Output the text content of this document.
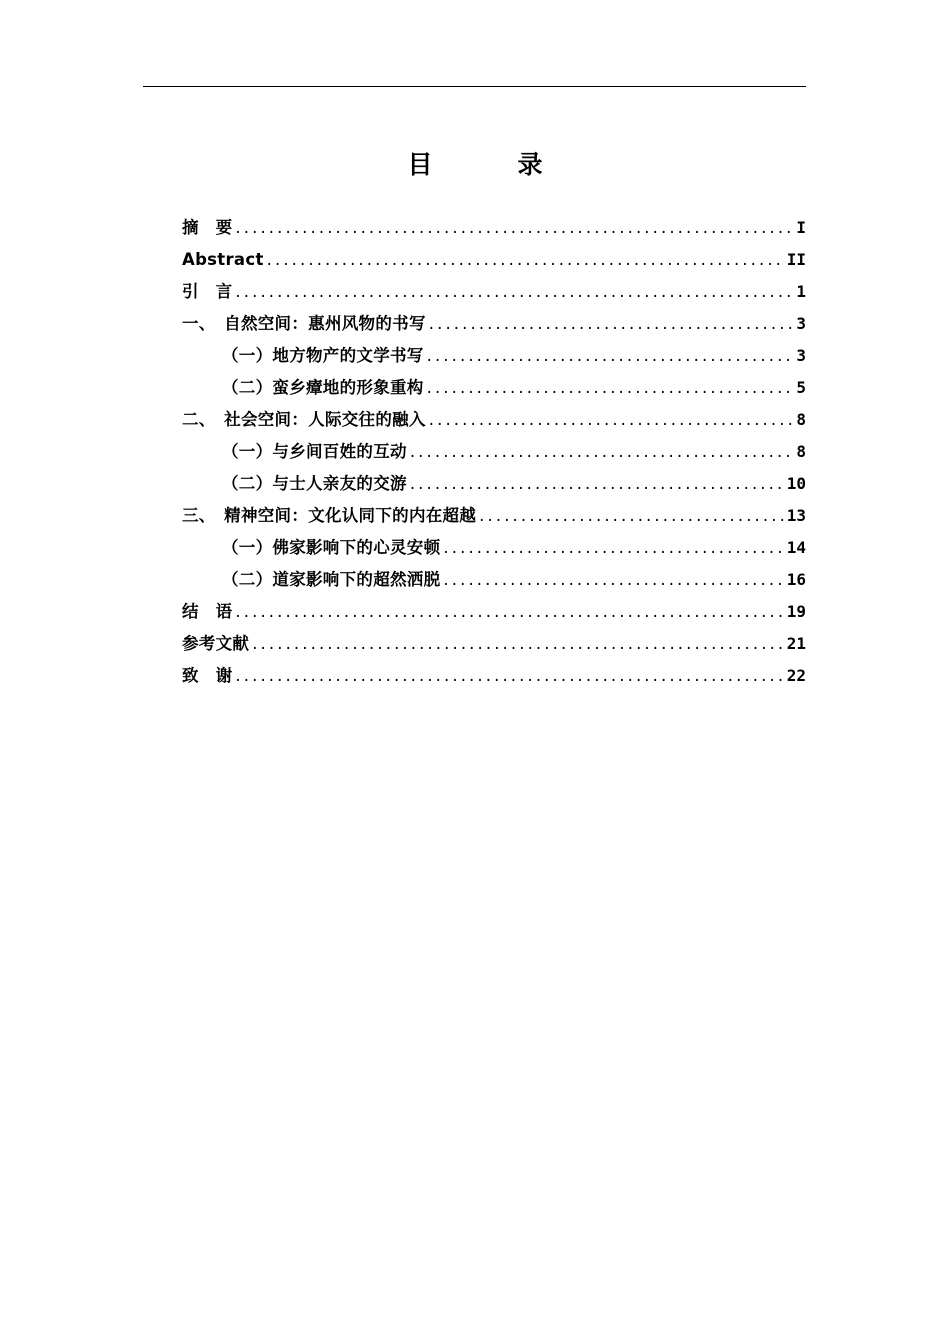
目　录
摘　要 .....	I
Abstract .....	II
引　言 .....	1
一、　自然空间：惠州风物的书写 .....	3
（一）地方物产的文学书写 .....	3
（二）蛮乡瘴地的形象重构 .....	5
二、　社会空间：人际交往的融入 .....	8
（一）与乡间百姓的互动 .....	8
（二）与士人亲友的交游 .....	10
三、　精神空间：文化认同下的内在超越 .....	13
（一）佛家影响下的心灵安顿 .....	14
（二）道家影响下的超然洒脱 .....	16
结　语 .....	19
参考文献 .....	21
致　谢 .....	22
